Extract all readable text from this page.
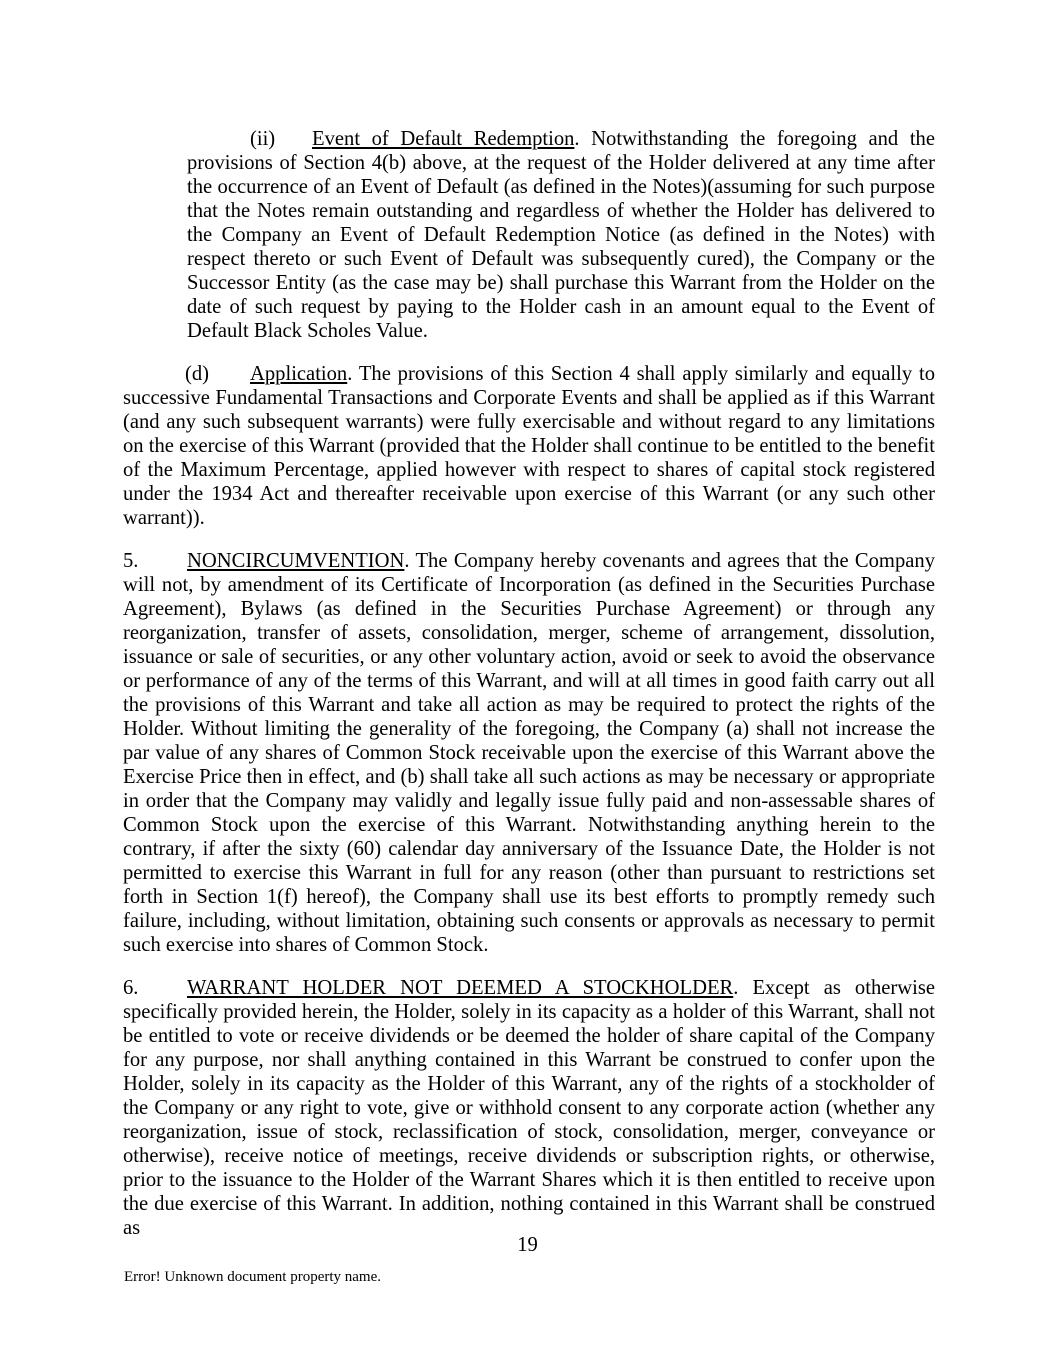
(ii) Event of Default Redemption. Notwithstanding the foregoing and the provisions of Section 4(b) above, at the request of the Holder delivered at any time after the occurrence of an Event of Default (as defined in the Notes)(assuming for such purpose that the Notes remain outstanding and regardless of whether the Holder has delivered to the Company an Event of Default Redemption Notice (as defined in the Notes) with respect thereto or such Event of Default was subsequently cured), the Company or the Successor Entity (as the case may be) shall purchase this Warrant from the Holder on the date of such request by paying to the Holder cash in an amount equal to the Event of Default Black Scholes Value.

(d) Application. The provisions of this Section 4 shall apply similarly and equally to successive Fundamental Transactions and Corporate Events and shall be applied as if this Warrant (and any such subsequent warrants) were fully exercisable and without regard to any limitations on the exercise of this Warrant (provided that the Holder shall continue to be entitled to the benefit of the Maximum Percentage, applied however with respect to shares of capital stock registered under the 1934 Act and thereafter receivable upon exercise of this Warrant (or any such other warrant)).

5. NONCIRCUMVENTION. The Company hereby covenants and agrees that the Company will not, by amendment of its Certificate of Incorporation (as defined in the Securities Purchase Agreement), Bylaws (as defined in the Securities Purchase Agreement) or through any reorganization, transfer of assets, consolidation, merger, scheme of arrangement, dissolution, issuance or sale of securities, or any other voluntary action, avoid or seek to avoid the observance or performance of any of the terms of this Warrant, and will at all times in good faith carry out all the provisions of this Warrant and take all action as may be required to protect the rights of the Holder. Without limiting the generality of the foregoing, the Company (a) shall not increase the par value of any shares of Common Stock receivable upon the exercise of this Warrant above the Exercise Price then in effect, and (b) shall take all such actions as may be necessary or appropriate in order that the Company may validly and legally issue fully paid and non-assessable shares of Common Stock upon the exercise of this Warrant. Notwithstanding anything herein to the contrary, if after the sixty (60) calendar day anniversary of the Issuance Date, the Holder is not permitted to exercise this Warrant in full for any reason (other than pursuant to restrictions set forth in Section 1(f) hereof), the Company shall use its best efforts to promptly remedy such failure, including, without limitation, obtaining such consents or approvals as necessary to permit such exercise into shares of Common Stock.

6. WARRANT HOLDER NOT DEEMED A STOCKHOLDER. Except as otherwise specifically provided herein, the Holder, solely in its capacity as a holder of this Warrant, shall not be entitled to vote or receive dividends or be deemed the holder of share capital of the Company for any purpose, nor shall anything contained in this Warrant be construed to confer upon the Holder, solely in its capacity as the Holder of this Warrant, any of the rights of a stockholder of the Company or any right to vote, give or withhold consent to any corporate action (whether any reorganization, issue of stock, reclassification of stock, consolidation, merger, conveyance or otherwise), receive notice of meetings, receive dividends or subscription rights, or otherwise, prior to the issuance to the Holder of the Warrant Shares which it is then entitled to receive upon the due exercise of this Warrant. In addition, nothing contained in this Warrant shall be construed as

19
Error! Unknown document property name.
